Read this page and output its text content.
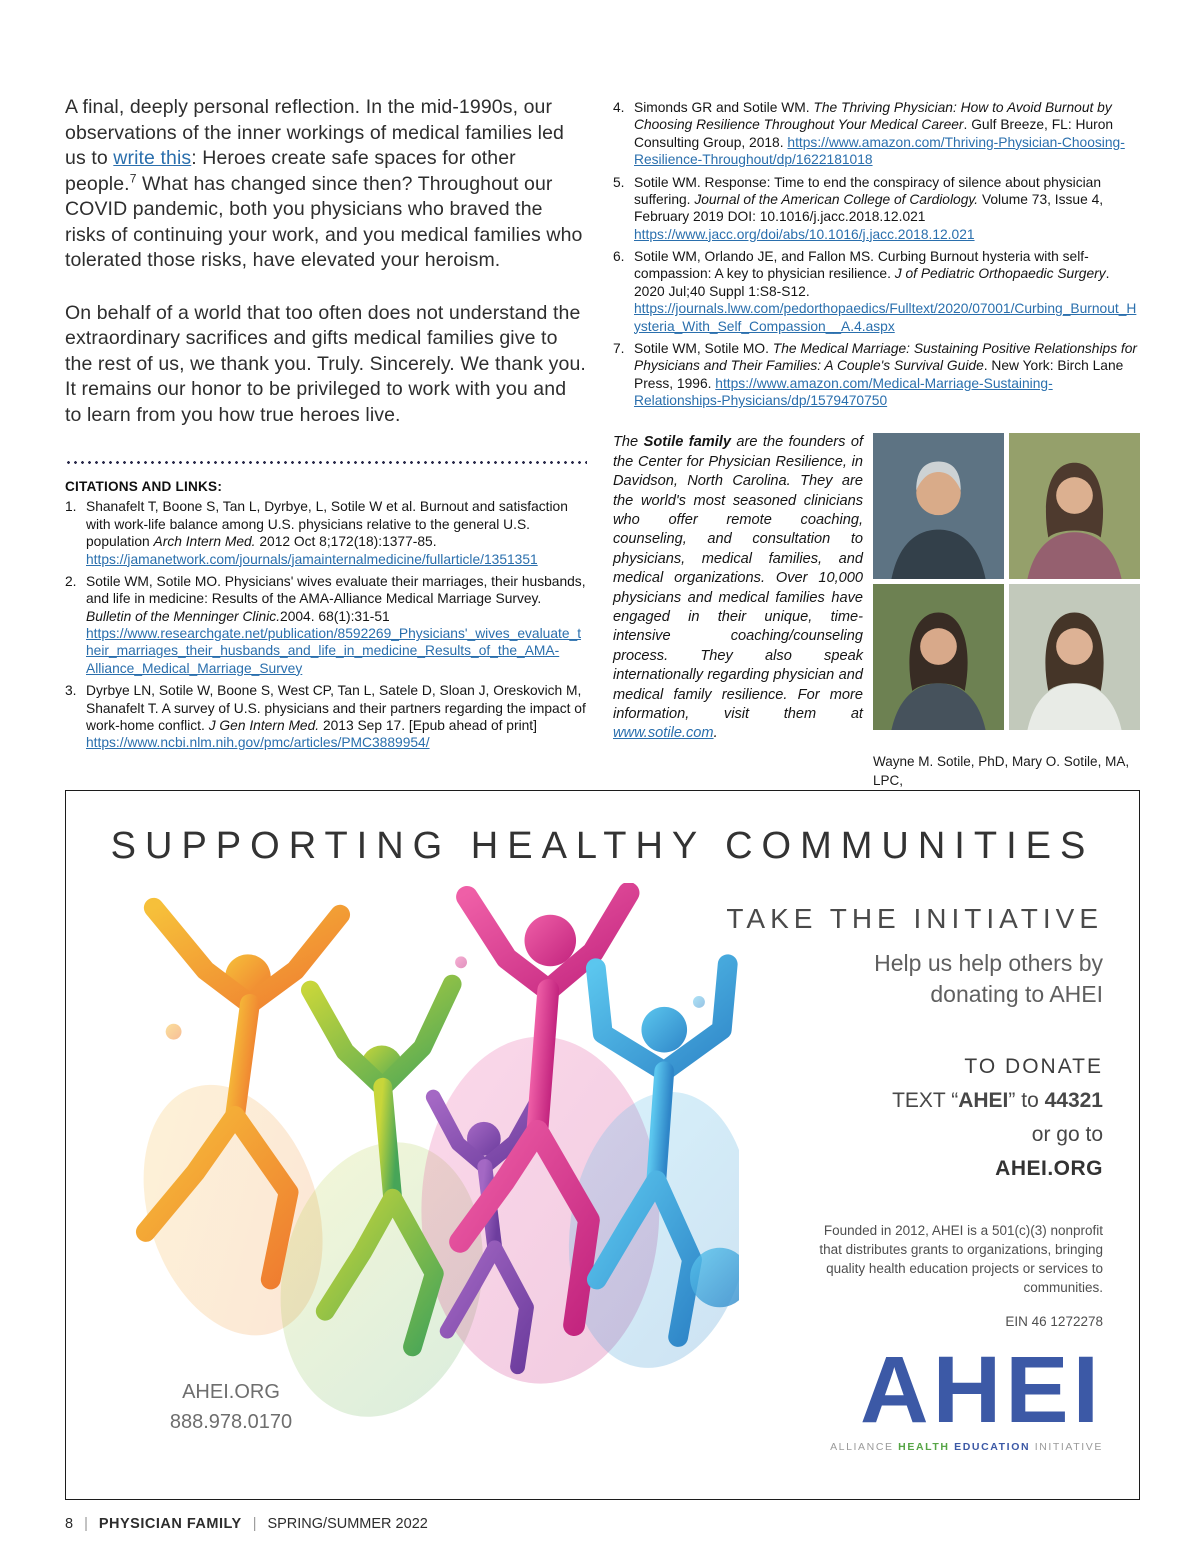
A final, deeply personal reflection. In the mid-1990s, our observations of the inner workings of medical families led us to write this: Heroes create safe spaces for other people.$^7$ What has changed since then? Throughout our COVID pandemic, both you physicians who braved the risks of continuing your work, and you medical families who tolerated those risks, have elevated your heroism.

On behalf of a world that too often does not understand the extraordinary sacrifices and gifts medical families give to the rest of us, we thank you. Truly. Sincerely. We thank you. It remains our honor to be privileged to work with you and to learn from you how true heroes live.

CITATIONS AND LINKS:
1. Shanafelt T, Boone S, Tan L, Dyrbye, L, Sotile W et al. Burnout and satisfaction with work-life balance among U.S. physicians relative to the general U.S. population Arch Intern Med. 2012 Oct 8;172(18):1377-85. https://jamanetwork.com/journals/jamainternalmedicine/fullarticle/1351351
2. Sotile WM, Sotile MO. Physicians' wives evaluate their marriages, their husbands, and life in medicine: Results of the AMA-Alliance Medical Marriage Survey. Bulletin of the Menninger Clinic.2004. 68(1):31-51 https://www.researchgate.net/publication/8592269_Physicians'_wives_evaluate_their_marriages_their_husbands_and_life_in_medicine_Results_of_the_AMA-Alliance_Medical_Marriage_Survey
3. Dyrbye LN, Sotile W, Boone S, West CP, Tan L, Satele D, Sloan J, Oreskovich M, Shanafelt T. A survey of U.S. physicians and their partners regarding the impact of work-home conflict. J Gen Intern Med. 2013 Sep 17. [Epub ahead of print] https://www.ncbi.nlm.nih.gov/pmc/articles/PMC3889954/
4. Simonds GR and Sotile WM. The Thriving Physician: How to Avoid Burnout by Choosing Resilience Throughout Your Medical Career. Gulf Breeze, FL: Huron Consulting Group, 2018. https://www.amazon.com/Thriving-Physician-Choosing-Resilience-Throughout/dp/1622181018
5. Sotile WM. Response: Time to end the conspiracy of silence about physician suffering. Journal of the American College of Cardiology. Volume 73, Issue 4, February 2019 DOI: 10.1016/j.jacc.2018.12.021 https://www.jacc.org/doi/abs/10.1016/j.jacc.2018.12.021
6. Sotile WM, Orlando JE, and Fallon MS. Curbing Burnout hysteria with self-compassion: A key to physician resilience. J of Pediatric Orthopaedic Surgery. 2020 Jul;40 Suppl 1:S8-S12. https://journals.lww.com/pedorthopaedics/Fulltext/2020/07001/Curbing_Burnout_Hysteria_With_Self_Compassion__A.4.aspx
7. Sotile WM, Sotile MO. The Medical Marriage: Sustaining Positive Relationships for Physicians and Their Families: A Couple's Survival Guide. New York: Birch Lane Press, 1996. https://www.amazon.com/Medical-Marriage-Sustaining-Relationships-Physicians/dp/1579470750

The Sotile family are the founders of the Center for Physician Resilience, in Davidson, North Carolina. They are the world's most seasoned clinicians who offer remote coaching, counseling, and consultation to physicians, medical families, and medical organizations. Over 10,000 physicians and medical families have engaged in their unique, time-intensive coaching/counseling process. They also speak internationally regarding physician and medical family resilience. For more information, visit them at www.sotile.com.

Wayne M. Sotile, PhD, Mary O. Sotile, MA, LPC,
SUPPORTING HEALTHY COMMUNITIES
TAKE THE INITIATIVE
Help us help others by
donating to AHEI
TO DONATE
TEXT “AHEI” to 44321
or go to
AHEI.ORG
Founded in 2012, AHEI is a 501(c)(3) nonprofit that distributes grants to organizations, bringing quality health education projects or services to communities.
EIN 46 1272278
AHEI
ALLIANCE HEALTH EDUCATION INITIATIVE
AHEI.ORG
888.978.0170
8 | PHYSICIAN FAMILY | SPRING/SUMMER 2022
